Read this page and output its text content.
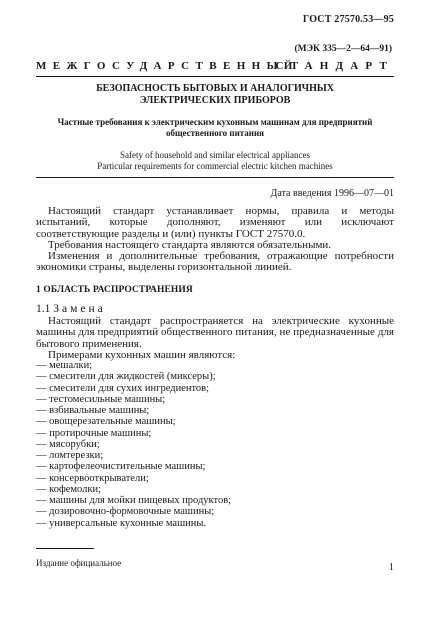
ГОСТ 27570.53—95
(МЭК 335—2—64—91)
МЕЖГОСУДАРСТВЕННЫЙ
СТАНДАРТ
БЕЗОПАСНОСТЬ БЫТОВЫХ И АНАЛОГИЧНЫХ
ЭЛЕКТРИЧЕСКИХ ПРИБОРОВ
Частные требования к электрическим кухонным машинам для предприятий
общественного питания
Safety of household and similar electrical appliances
Particular requirements for commercial electric kitchen machines
Дата введения 1996—07—01
Настоящий стандарт устанавливает нормы, правила и методы испытаний, которые дополняют, изменяют или исключают соответствующие разделы и (или) пункты ГОСТ 27570.0.
Требования настоящего стандарта являются обязательными.
Изменения и дополнительные требования, отражающие потребности экономики страны, выделены горизонтальной линией.
1 ОБЛАСТЬ РАСПРОСТРАНЕНИЯ
1.1 Замена
Настоящий стандарт распространяется на электрические кухонные машины для предприятий общественного питания, не предназначенные для бытового применения.
Примерами кухонных машин являются:
— мешалки;
— смесители для жидкостей (миксеры);
— смесители для сухих ингредиентов;
— тестомесильные машины;
— взбивальные машины;
— овощерезательные машины;
— протирочные машины;
— мясорубки;
— ломтерезки;
— картофелеочистительные машины;
— консервооткрыватели;
— кофемолки;
— машины для мойки пищевых продуктов;
— дозировочно-формовочные машины;
— универсальные кухонные машины.
Издание официальное	1
